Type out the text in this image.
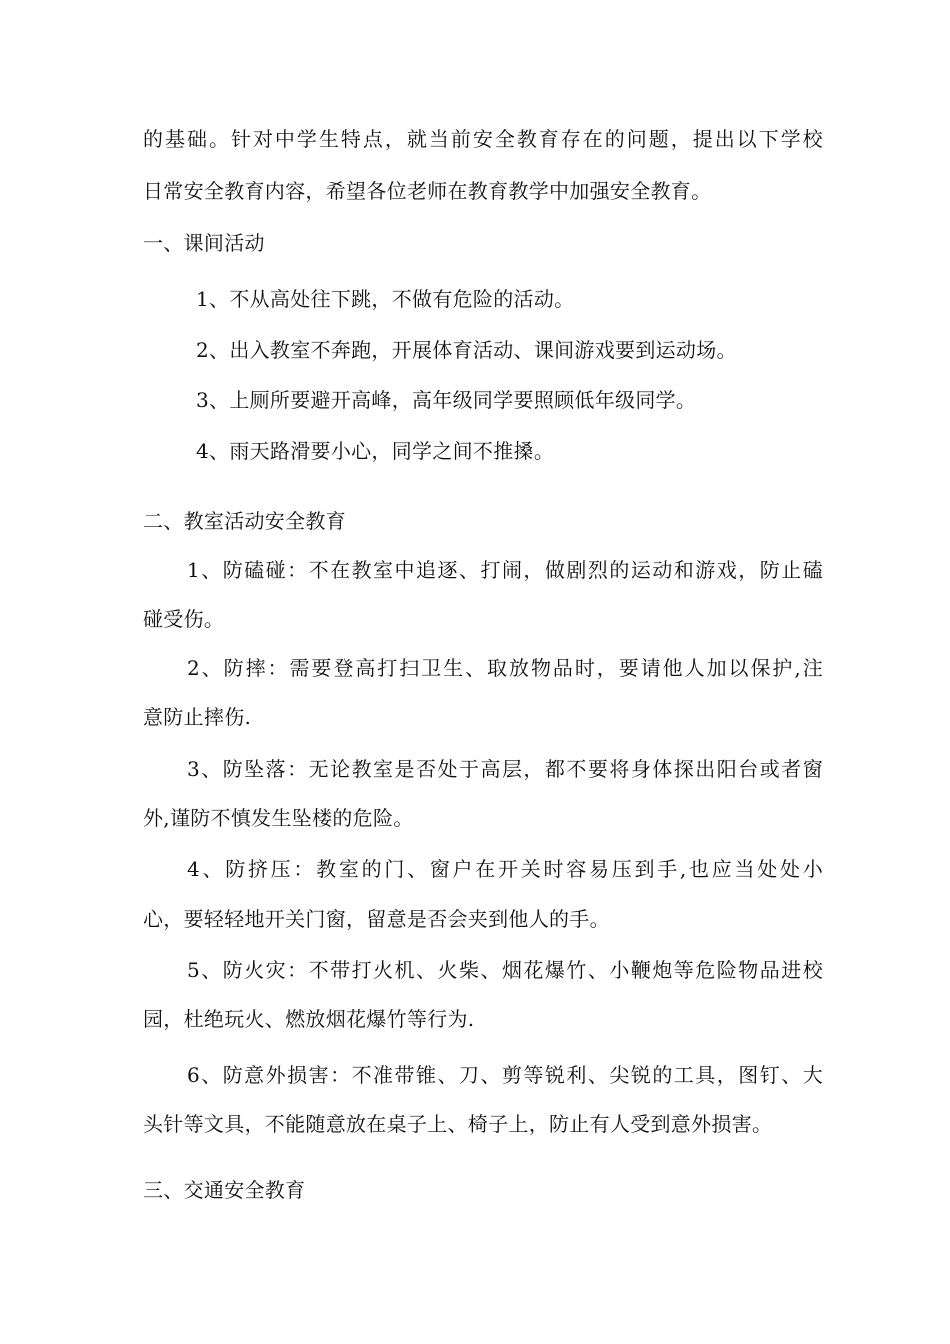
的基础。针对中学生特点，就当前安全教育存在的问题，提出以下学校
日常安全教育内容，希望各位老师在教育教学中加强安全教育。
一、课间活动
1、不从高处往下跳，不做有危险的活动。
2、出入教室不奔跑，开展体育活动、课间游戏要到运动场。
3、上厕所要避开高峰，高年级同学要照顾低年级同学。
4、雨天路滑要小心，同学之间不推搡。
二、教室活动安全教育
1、防磕碰：不在教室中追逐、打闹，做剧烈的运动和游戏，防止磕
碰受伤。
2、防摔：需要登高打扫卫生、取放物品时，要请他人加以保护,注
意防止摔伤.
3、防坠落：无论教室是否处于高层，都不要将身体探出阳台或者窗
外,谨防不慎发生坠楼的危险。
4、防挤压：教室的门、窗户在开关时容易压到手,也应当处处小
心，要轻轻地开关门窗，留意是否会夹到他人的手。
5、防火灾：不带打火机、火柴、烟花爆竹、小鞭炮等危险物品进校
园，杜绝玩火、燃放烟花爆竹等行为.
6、防意外损害：不准带锥、刀、剪等锐利、尖锐的工具，图钉、大
头针等文具，不能随意放在桌子上、椅子上，防止有人受到意外损害。
三、交通安全教育
